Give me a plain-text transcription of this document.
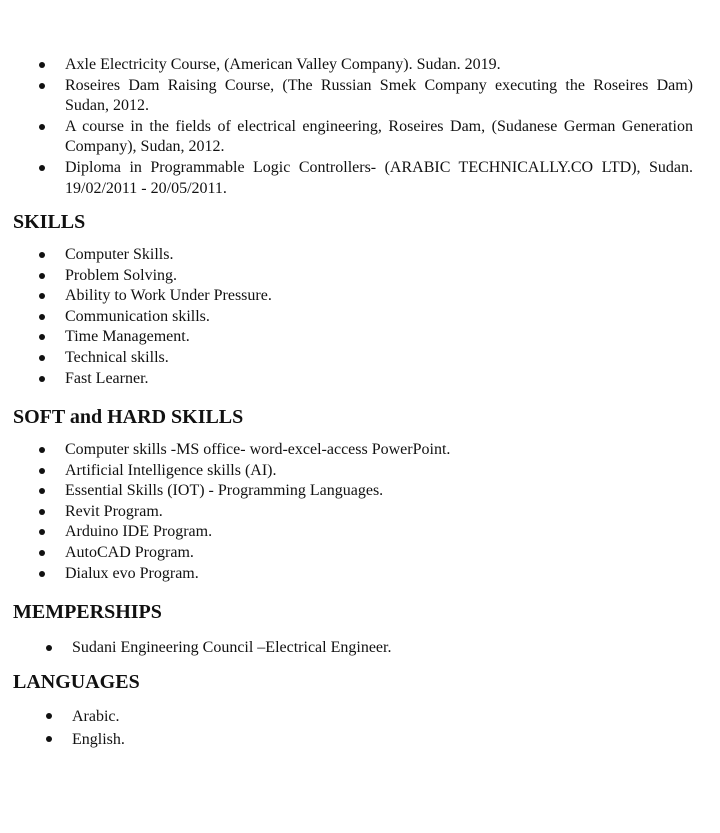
Axle Electricity Course, (American Valley Company). Sudan. 2019.
Roseires Dam Raising Course, (The Russian Smek Company executing the Roseires Dam) Sudan, 2012.
A course in the fields of electrical engineering, Roseires Dam, (Sudanese German Generation Company), Sudan, 2012.
Diploma in Programmable Logic Controllers- (ARABIC TECHNICALLY.CO LTD), Sudan. 19/02/2011 - 20/05/2011.
SKILLS
Computer Skills.
Problem Solving.
Ability to Work Under Pressure.
Communication skills.
Time Management.
Technical skills.
Fast Learner.
SOFT and HARD SKILLS
Computer skills -MS office- word-excel-access PowerPoint.
Artificial Intelligence skills (AI).
Essential Skills (IOT) - Programming Languages.
Revit Program.
Arduino IDE Program.
AutoCAD Program.
Dialux evo Program.
MEMPERSHIPS
Sudani Engineering Council –Electrical Engineer.
LANGUAGES
Arabic.
English.
